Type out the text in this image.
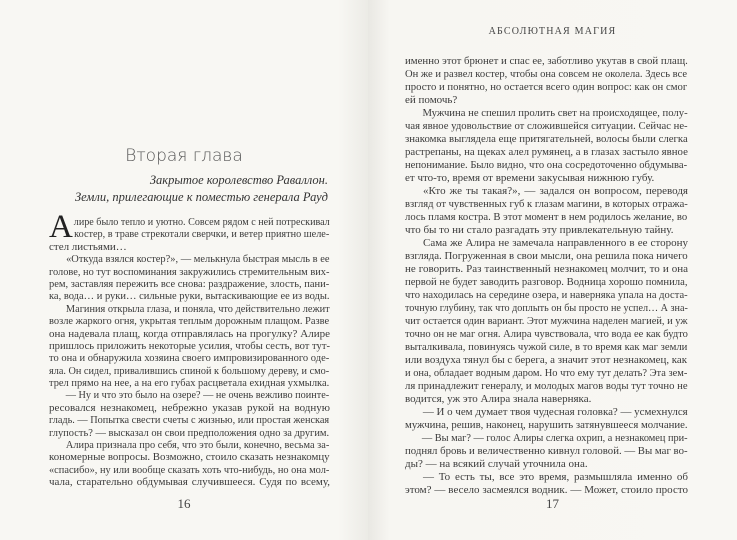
Вторая глава
Закрытое королевство Раваллон.
Земли, прилегающие к поместью генерала Рауд
А лире было тепло и уютно. Совсем рядом с ней потрескивал
костер, в траве стрекотали сверчки, и ветер приятно шеле-
стел листьями…
«Откуда взялся костер?», — мелькнула быстрая мысль в ее
голове, но тут воспоминания закружились стремительным вих-
рем, заставляя пережить все снова: раздражение, злость, пани-
ка, вода… и руки… сильные руки, вытаскивающие ее из воды.
Магиния открыла глаза, и поняла, что действительно лежит
возле жаркого огня, укрытая теплым дорожным плащом. Разве
она надевала плащ, когда отправлялась на прогулку? Алире
пришлось приложить некоторые усилия, чтобы сесть, вот тут-
то она и обнаружила хозяина своего импровизированного оде-
яла. Он сидел, привалившись спиной к большому дереву, и смо-
трел прямо на нее, а на его губах расцветала ехидная ухмылка.
— Ну и что это было на озере? — не очень вежливо поинте-
ресовался незнакомец, небрежно указав рукой на водную
гладь. — Попытка свести счеты с жизнью, или простая женская
глупость? — высказал он свои предположения одно за другим.
Алира признала про себя, что это были, конечно, весьма за-
кономерные вопросы. Возможно, стоило сказать незнакомцу
«спасибо», ну или вообще сказать хоть что-нибудь, но она мол-
чала, старательно обдумывая случившееся. Судя по всему,
16
АБСОЛЮТНАЯ МАГИЯ
именно этот брюнет и спас ее, заботливо укутав в свой плащ.
Он же и развел костер, чтобы она совсем не околела. Здесь все
просто и понятно, но остается всего один вопрос: как он смог
ей помочь?
Мужчина не спешил пролить свет на происходящее, полу-
чая явное удовольствие от сложившейся ситуации. Сейчас не-
знакомка выглядела еще притягательней, волосы были слегка
растрепаны, на щеках алел румянец, а в глазах застыло явное
непонимание. Было видно, что она сосредоточенно обдумыва-
ет что-то, время от времени закусывая нижнюю губу.
«Кто же ты такая?», — задался он вопросом, переводя
взгляд от чувственных губ к глазам магини, в которых отража-
лось пламя костра. В этот момент в нем родилось желание, во
что бы то ни стало разгадать эту привлекательную тайну.
Сама же Алира не замечала направленного в ее сторону
взгляда. Погруженная в свои мысли, она решила пока ничего
не говорить. Раз таинственный незнакомец молчит, то и она
первой не будет заводить разговор. Водница хорошо помнила,
что находилась на середине озера, и наверняка упала на доста-
точную глубину, так что доплыть он бы просто не успел… А зна-
чит остается один вариант. Этот мужчина наделен магией, и уж
точно он не маг огня. Алира чувствовала, что вода ее как будто
выталкивала, повинуясь чужой силе, в то время как маг земли
или воздуха тянул бы с берега, а значит этот незнакомец, как
и она, обладает водным даром. Но что ему тут делать? Эта зем-
ля принадлежит генералу, и молодых магов воды тут точно не
водится, уж это Алира знала наверняка.
— И о чем думает твоя чудесная головка? — усмехнулся
мужчина, решив, наконец, нарушить затянувшееся молчание.
— Вы маг? — голос Алиры слегка охрип, а незнакомец при-
поднял бровь и величественно кивнул головой. — Вы маг во-
ды? — на всякий случай уточнила она.
— То есть ты, все это время, размышляла именно об
этом? — весело засмеялся водник. — Может, стоило просто
17
